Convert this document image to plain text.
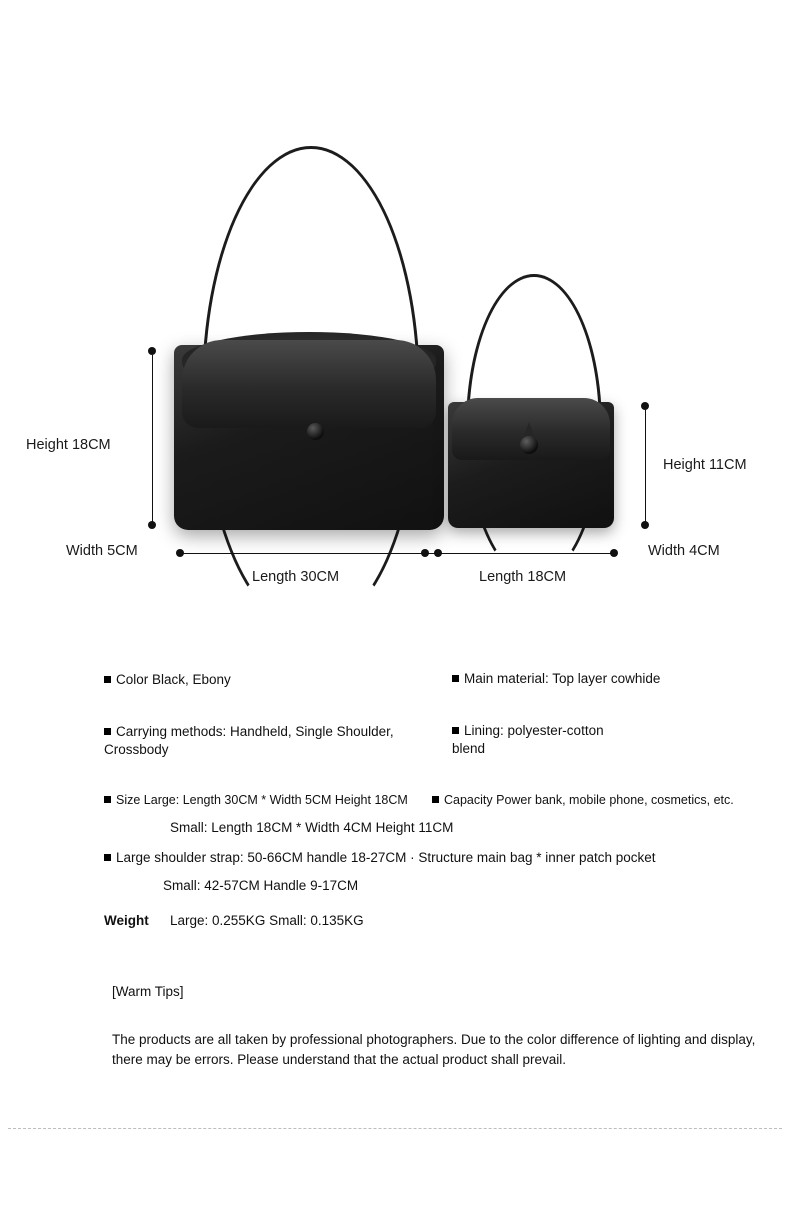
Height 18CM
Height 11CM
Width 5CM	Width 4CM
Length 30CM	Length 18CM
Color Black, Ebony	Main material: Top layer cowhide
Carrying methods: Handheld, Single Shoulder, Crossbody
Lining: polyester-cotton blend
Size Large: Length 30CM * Width 5CM Height 18CM	Capacity Power bank, mobile phone, cosmetics, etc.
Small: Length 18CM * Width 4CM Height 11CM
Large shoulder strap: 50-66CM handle 18-27CM · Structure main bag * inner patch pocket
Small: 42-57CM Handle 9-17CM
Weight Large: 0.255KG Small: 0.135KG
[Warm Tips]
The products are all taken by professional photographers. Due to the color difference of lighting and display, there may be errors. Please understand that the actual product shall prevail.
